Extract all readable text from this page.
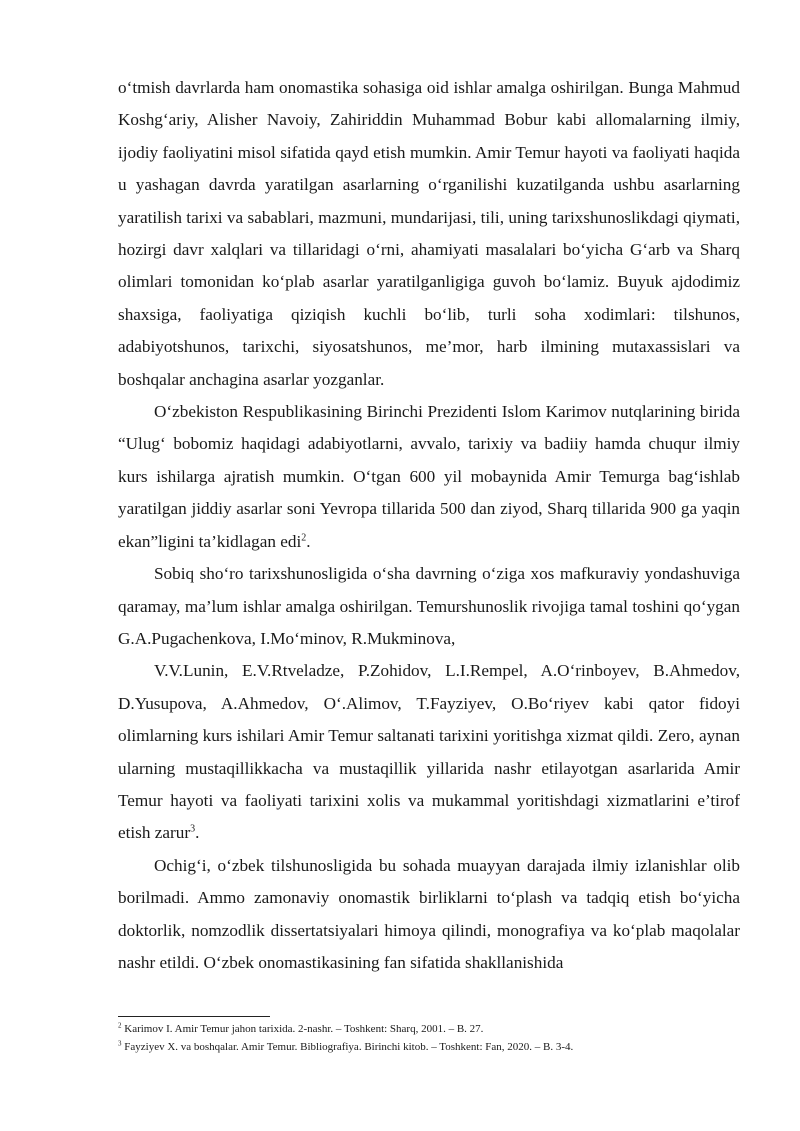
o‘tmish davrlarda ham onomastika sohasiga oid ishlar amalga oshirilgan. Bunga Mahmud Koshg‘ariy, Alisher Navoiy, Zahiriddin Muhammad Bobur kabi allomalarning ilmiy, ijodiy faoliyatini misol sifatida qayd etish mumkin. Amir Temur hayoti va faoliyati haqida u yashagan davrda yaratilgan asarlarning o‘rganilishi kuzatilganda ushbu asarlarning yaratilish tarixi va sabablari, mazmuni, mundarijasi, tili, uning tarixshunoslikdagi qiymati, hozirgi davr xalqlari va tillaridagi o‘rni, ahamiyati masalalari bo‘yicha G‘arb va Sharq olimlari tomonidan ko‘plab asarlar yaratilganligiga guvoh bo‘lamiz. Buyuk ajdodimiz shaxsiga, faoliyatiga qiziqish kuchli bo‘lib, turli soha xodimlari: tilshunos, adabiyotshunos, tarixchi, siyosatshunos, me’mor, harb ilmining mutaxassislari va boshqalar anchagina asarlar yozganlar.

O‘zbekiston Respublikasining Birinchi Prezidenti Islom Karimov nutqlarining birida “Ulug‘ bobomiz haqidagi adabiyotlarni, avvalo, tarixiy va badiiy hamda chuqur ilmiy kurs ishilarga ajratish mumkin. O‘tgan 600 yil mobaynida Amir Temurga bag‘ishlab yaratilgan jiddiy asarlar soni Yevropa tillarida 500 dan ziyod, Sharq tillarida 900 ga yaqin ekan”ligini ta’kidlagan edi$^2$.

Sobiq sho‘ro tarixshunosligida o‘sha davrning o‘ziga xos mafkuraviy yondashuviga qaramay, ma’lum ishlar amalga oshirilgan. Temurshunoslik rivojiga tamal toshini qo‘ygan G.A.Pugachenkova, I.Mo‘minov, R.Mukminova,

V.V.Lunin, E.V.Rtveladze, P.Zohidov, L.I.Rempel, A.O‘rinboyev, B.Ahmedov, D.Yusupova, A.Ahmedov, O‘.Alimov, T.Fayziyev, O.Bo‘riyev kabi qator fidoyi olimlarning kurs ishilari Amir Temur saltanati tarixini yoritishga xizmat qildi. Zero, aynan ularning mustaqillikkacha va mustaqillik yillarida nashr etilayotgan asarlarida Amir Temur hayoti va faoliyati tarixini xolis va mukammal yoritishdagi xizmatlarini e’tirof etish zarur$^3$.

Ochig‘i, o‘zbek tilshunosligida bu sohada muayyan darajada ilmiy izlanishlar olib borilmadi. Ammo zamonaviy onomastik birliklarni to‘plash va tadqiq etish bo‘yicha doktorlik, nomzodlik dissertatsiyalari himoya qilindi, monografiya va ko‘plab maqolalar nashr etildi. O‘zbek onomastikasining fan sifatida shakllanishida

$^2$ Karimov I. Amir Temur jahon tarixida. 2-nashr. – Toshkent: Sharq, 2001. – B. 27.

$^3$ Fayziyev X. va boshqalar. Amir Temur. Bibliografiya. Birinchi kitob. – Toshkent: Fan, 2020. – B. 3-4.
